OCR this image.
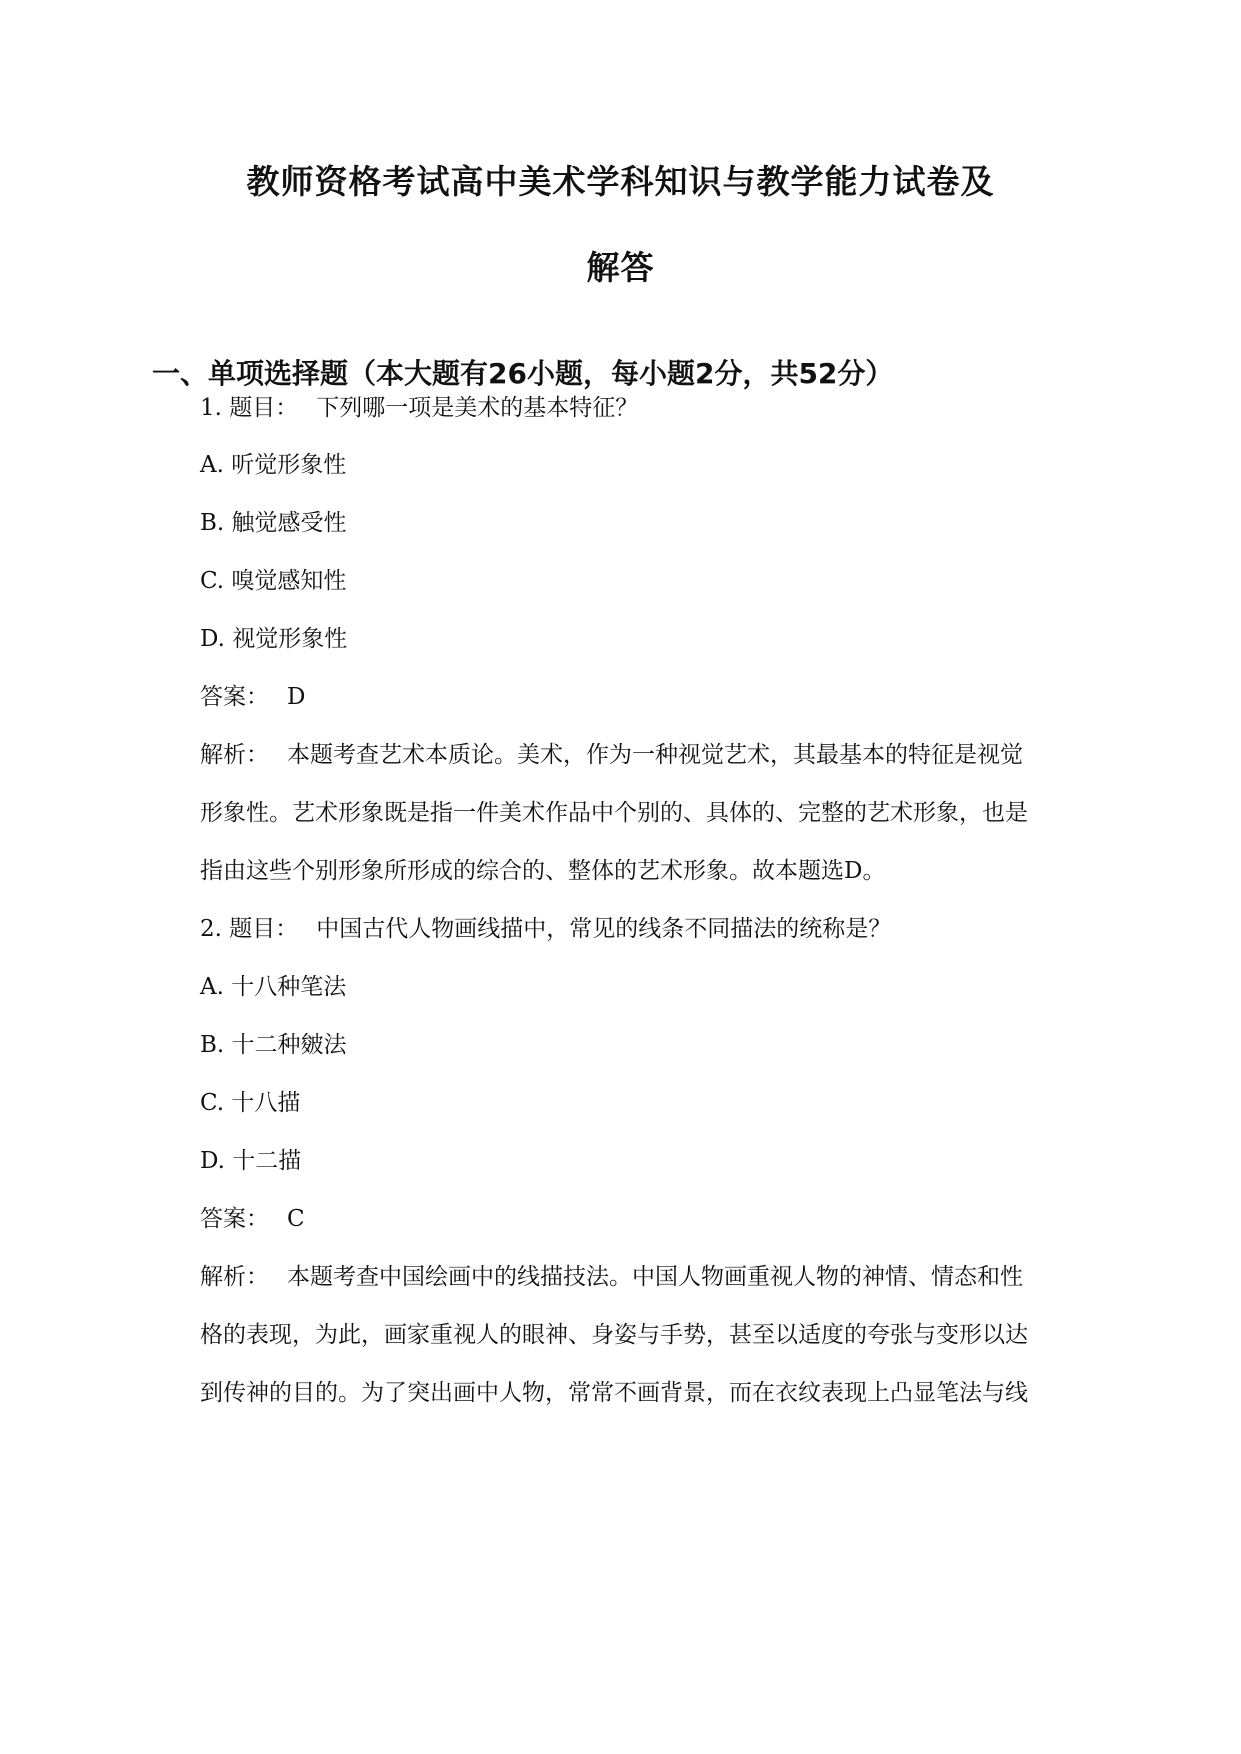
教师资格考试高中美术学科知识与教学能力试卷及
解答
一、单项选择题（本大题有26小题，每小题2分，共52分）

1. 题目： 下列哪一项是美术的基本特征？

A. 听觉形象性

B. 触觉感受性

C. 嗅觉感知性

D. 视觉形象性

答案： D

解析： 本题考查艺术本质论。美术，作为一种视觉艺术，其最基本的特征是视觉

形象性。艺术形象既是指一件美术作品中个别的、具体的、完整的艺术形象，也是

指由这些个别形象所形成的综合的、整体的艺术形象。故本题选D。

2. 题目： 中国古代人物画线描中，常见的线条不同描法的统称是？

A. 十八种笔法

B. 十二种皴法

C. 十八描

D. 十二描

答案： C

解析： 本题考查中国绘画中的线描技法。中国人物画重视人物的神情、情态和性

格的表现，为此，画家重视人的眼神、身姿与手势，甚至以适度的夸张与变形以达

到传神的目的。为了突出画中人物，常常不画背景，而在衣纹表现上凸显笔法与线
